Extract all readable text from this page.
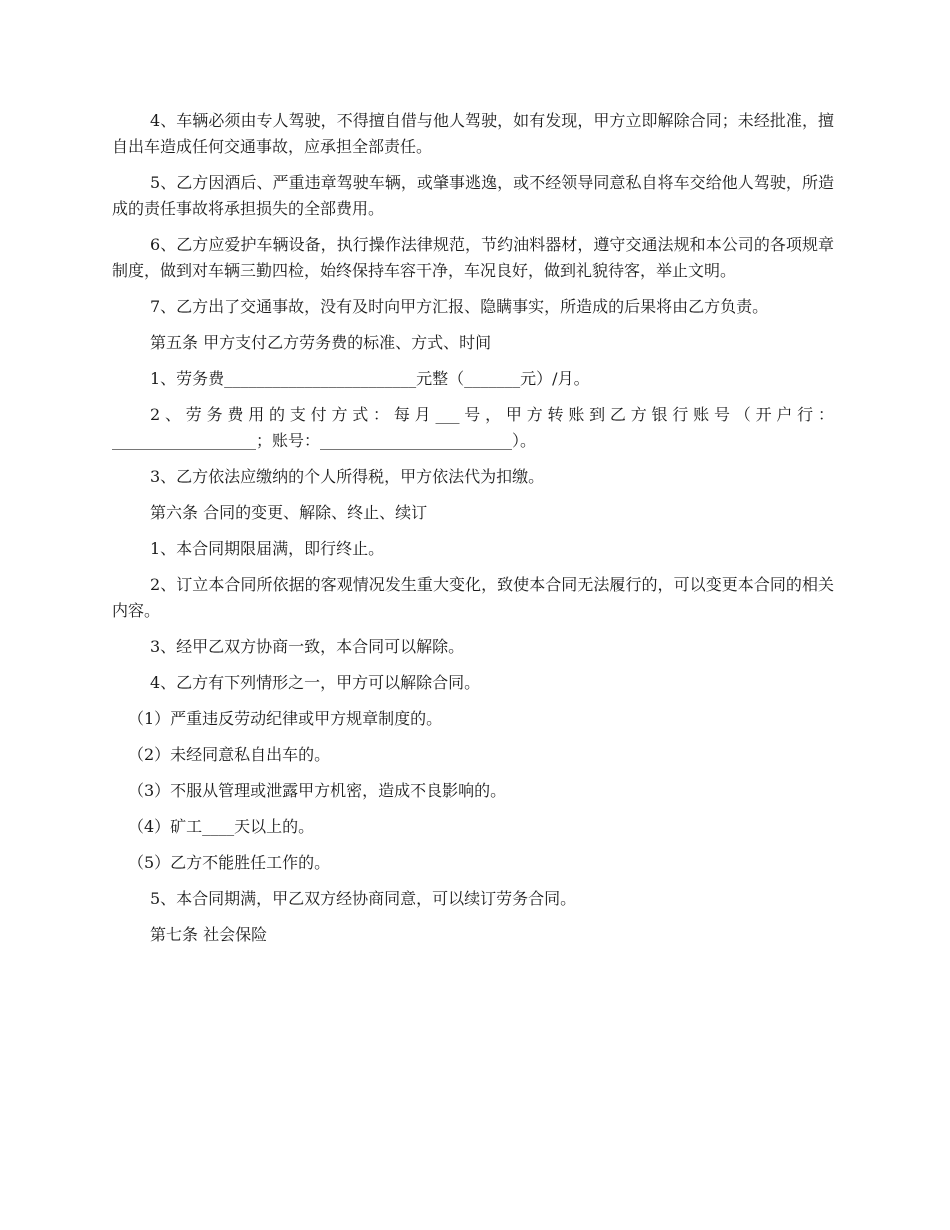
4、车辆必须由专人驾驶，不得擅自借与他人驾驶，如有发现，甲方立即解除合同；未经批准，擅自出车造成任何交通事故，应承担全部责任。

5、乙方因酒后、严重违章驾驶车辆，或肇事逃逸，或不经领导同意私自将车交给他人驾驶，所造成的责任事故将承担损失的全部费用。

6、乙方应爱护车辆设备，执行操作法律规范，节约油料器材，遵守交通法规和本公司的各项规章制度，做到对车辆三勤四检，始终保持车容干净，车况良好，做到礼貌待客，举止文明。

7、乙方出了交通事故，没有及时向甲方汇报、隐瞒事实，所造成的后果将由乙方负责。

第五条 甲方支付乙方劳务费的标准、方式、时间

1、劳务费________________________元整（_______元）/月。

2、劳务费用的支付方式：每月___号，甲方转账到乙方银行账号（开户行：__________________；账号：________________________）。

3、乙方依法应缴纳的个人所得税，甲方依法代为扣缴。

第六条 合同的变更、解除、终止、续订

1、本合同期限届满，即行终止。

2、订立本合同所依据的客观情况发生重大变化，致使本合同无法履行的，可以变更本合同的相关内容。

3、经甲乙双方协商一致，本合同可以解除。

4、乙方有下列情形之一，甲方可以解除合同。

（1）严重违反劳动纪律或甲方规章制度的。

（2）未经同意私自出车的。

（3）不服从管理或泄露甲方机密，造成不良影响的。

（4）矿工____天以上的。

（5）乙方不能胜任工作的。

5、本合同期满，甲乙双方经协商同意，可以续订劳务合同。

第七条 社会保险
